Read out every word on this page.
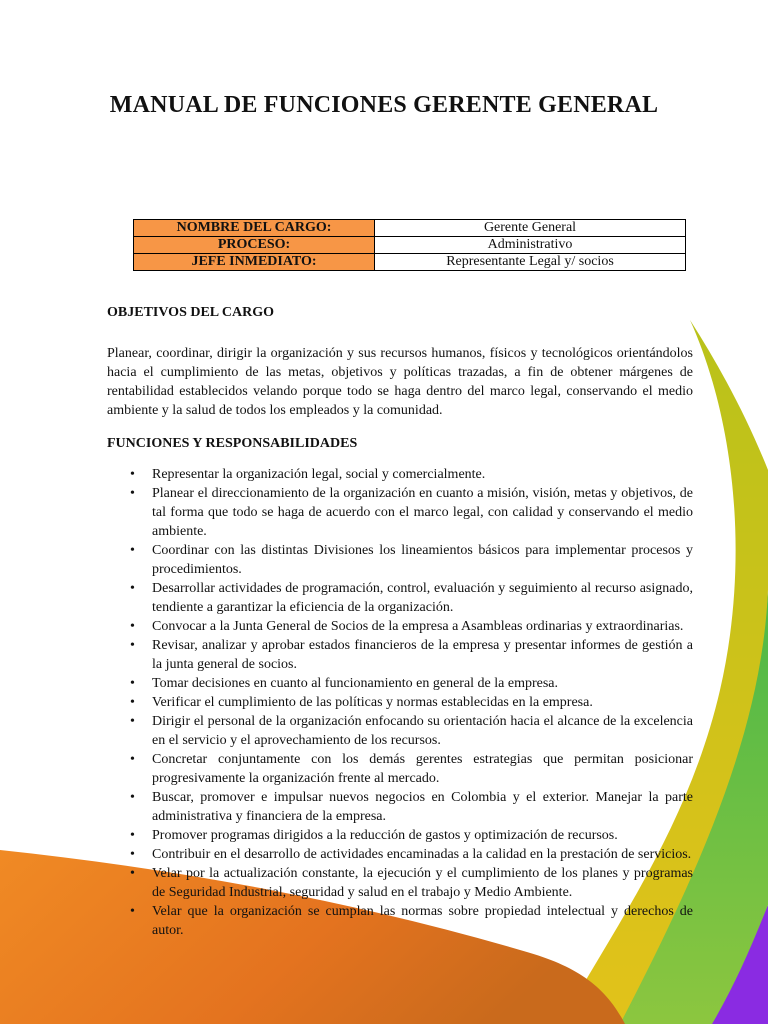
MANUAL DE FUNCIONES GERENTE GENERAL
NOMBRE DEL CARGO:	Gerente General
PROCESO:	Administrativo
JEFE INMEDIATO:	Representante Legal y/ socios
OBJETIVOS DEL CARGO
Planear, coordinar, dirigir la organización y sus recursos humanos, físicos y tecnológicos orientándolos hacia el cumplimiento de las metas, objetivos y políticas trazadas, a fin de obtener márgenes de rentabilidad establecidos velando porque todo se haga dentro del marco legal, conservando el medio ambiente y la salud de todos los empleados y la comunidad.
FUNCIONES Y RESPONSABILIDADES
• Representar la organización legal, social y comercialmente.
• Planear el direccionamiento de la organización en cuanto a misión, visión, metas y objetivos, de tal forma que todo se haga de acuerdo con el marco legal, con calidad y conservando el medio ambiente.
• Coordinar con las distintas Divisiones los lineamientos básicos para implementar procesos y procedimientos.
• Desarrollar actividades de programación, control, evaluación y seguimiento al recurso asignado, tendiente a garantizar la eficiencia de la organización.
• Convocar a la Junta General de Socios de la empresa a Asambleas ordinarias y extraordinarias.
• Revisar, analizar y aprobar estados financieros de la empresa y presentar informes de gestión a la junta general de socios.
• Tomar decisiones en cuanto al funcionamiento en general de la empresa.
• Verificar el cumplimiento de las políticas y normas establecidas en la empresa.
• Dirigir el personal de la organización enfocando su orientación hacia el alcance de la excelencia en el servicio y el aprovechamiento de los recursos.
• Concretar conjuntamente con los demás gerentes estrategias que permitan posicionar progresivamente la organización frente al mercado.
• Buscar, promover e impulsar nuevos negocios en Colombia y el exterior. Manejar la parte administrativa y financiera de la empresa.
• Promover programas dirigidos a la reducción de gastos y optimización de recursos.
• Contribuir en el desarrollo de actividades encaminadas a la calidad en la prestación de servicios.
• Velar por la actualización constante, la ejecución y el cumplimiento de los planes y programas de Seguridad Industrial, seguridad y salud en el trabajo y Medio Ambiente.
• Velar que la organización se cumplan las normas sobre propiedad intelectual y derechos de autor.
